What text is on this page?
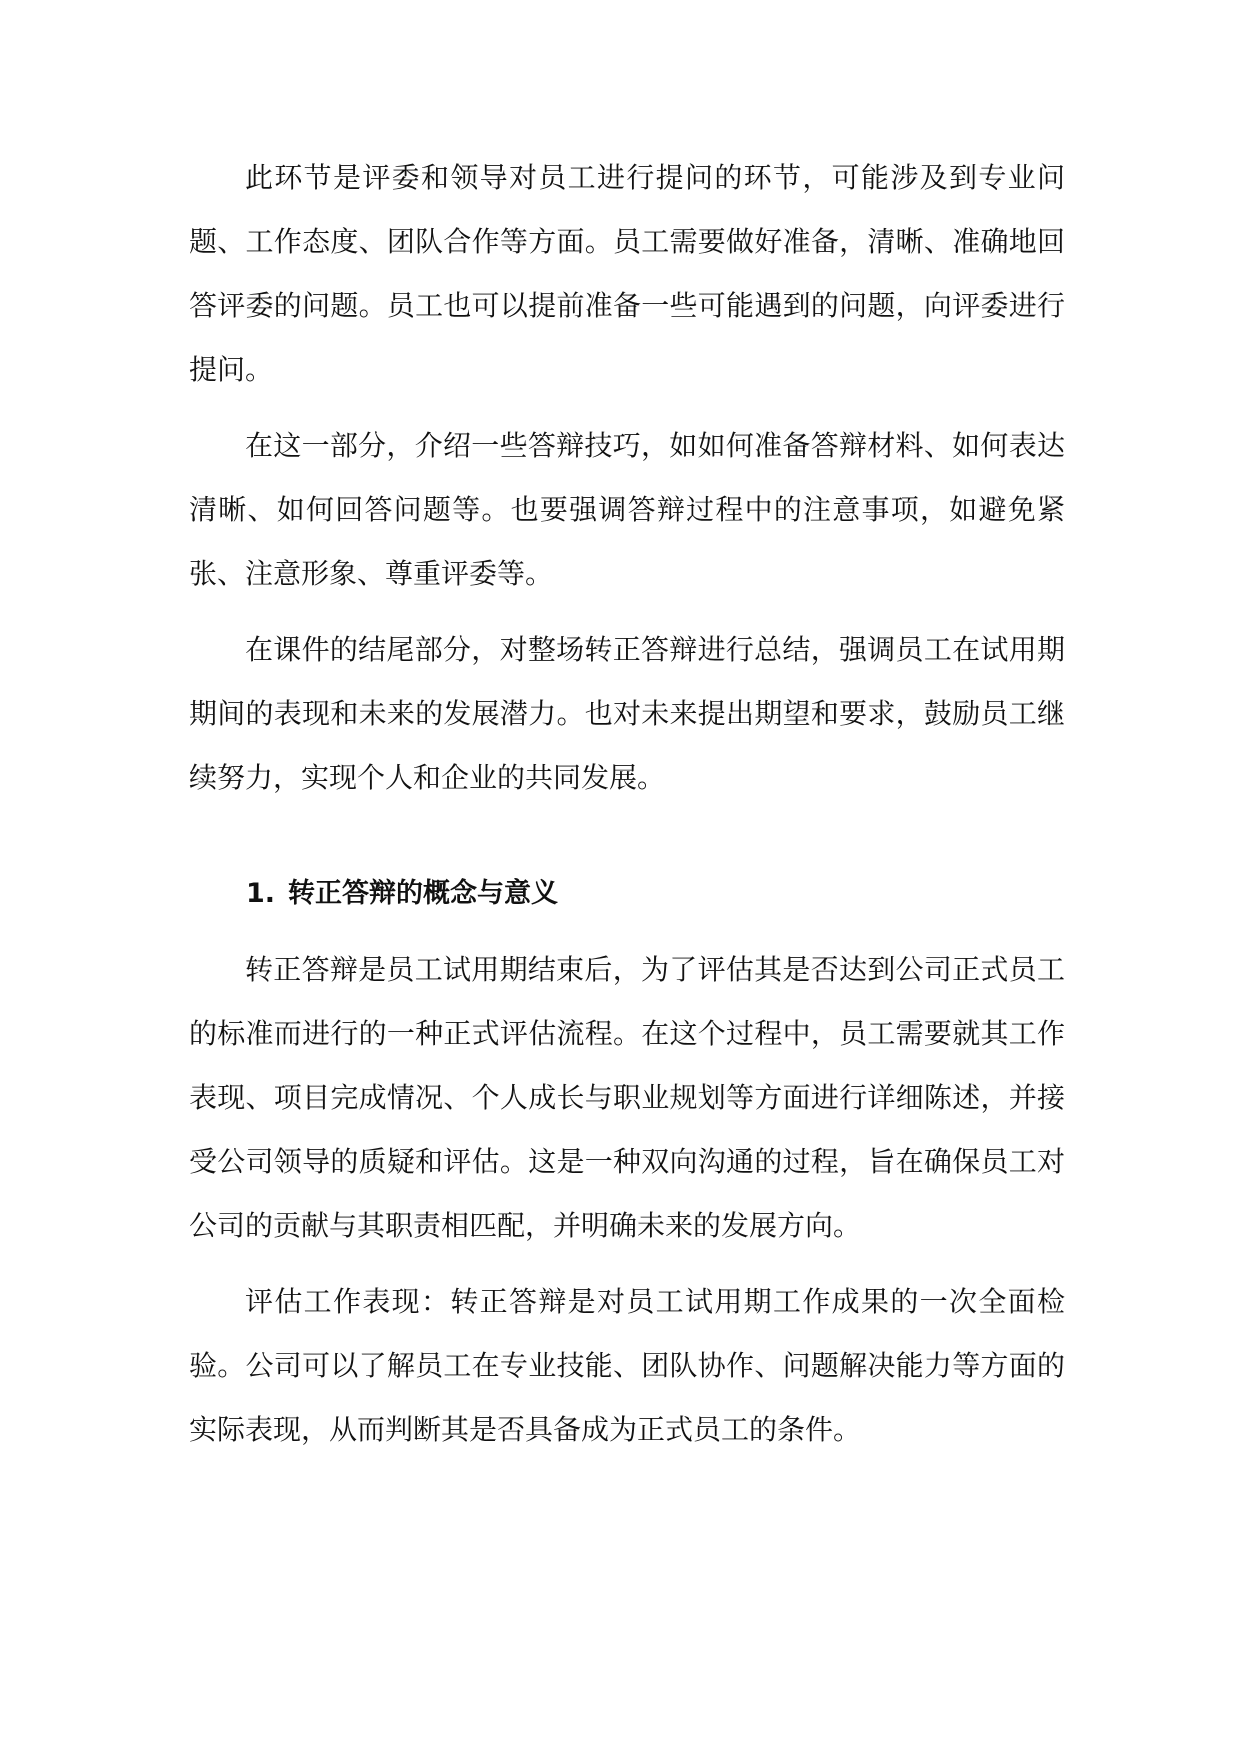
此环节是评委和领导对员工进行提问的环节，可能涉及到专业问题、工作态度、团队合作等方面。员工需要做好准备，清晰、准确地回答评委的问题。员工也可以提前准备一些可能遇到的问题，向评委进行提问。

在这一部分，介绍一些答辩技巧，如如何准备答辩材料、如何表达清晰、如何回答问题等。也要强调答辩过程中的注意事项，如避免紧张、注意形象、尊重评委等。

在课件的结尾部分，对整场转正答辩进行总结，强调员工在试用期期间的表现和未来的发展潜力。也对未来提出期望和要求，鼓励员工继续努力，实现个人和企业的共同发展。

1. 转正答辩的概念与意义

转正答辩是员工试用期结束后，为了评估其是否达到公司正式员工的标准而进行的一种正式评估流程。在这个过程中，员工需要就其工作表现、项目完成情况、个人成长与职业规划等方面进行详细陈述，并接受公司领导的质疑和评估。这是一种双向沟通的过程，旨在确保员工对公司的贡献与其职责相匹配，并明确未来的发展方向。

评估工作表现：转正答辩是对员工试用期工作成果的一次全面检验。公司可以了解员工在专业技能、团队协作、问题解决能力等方面的实际表现，从而判断其是否具备成为正式员工的条件。
